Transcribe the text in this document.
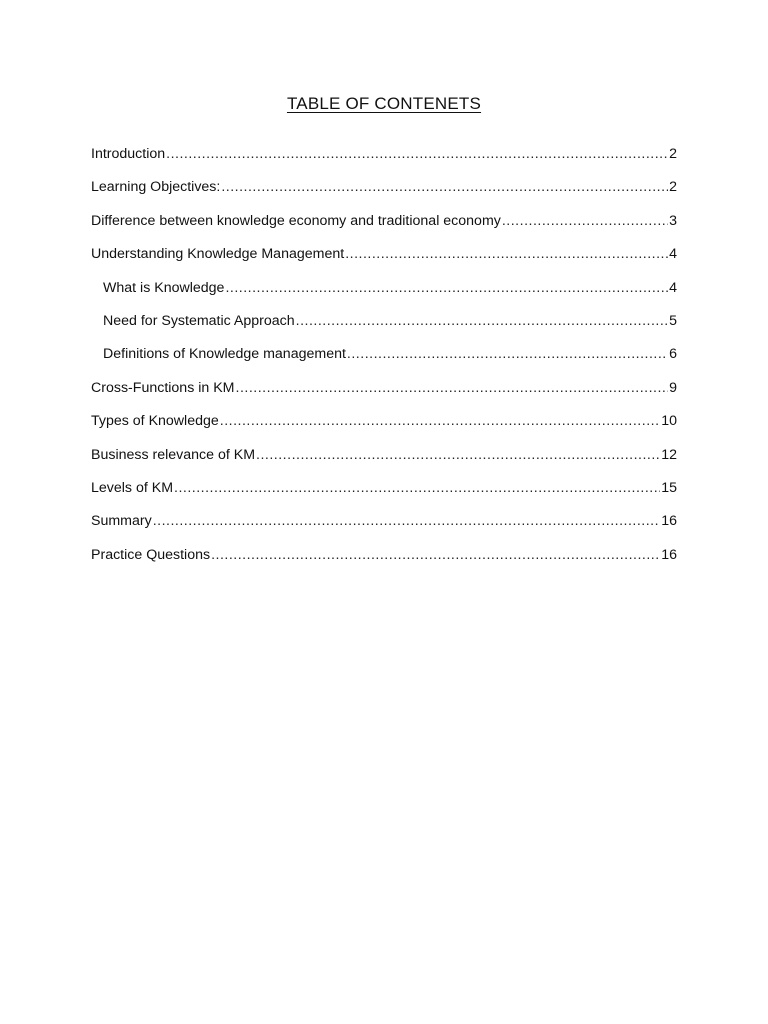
TABLE OF CONTENETS
Introduction .....	2
Learning Objectives: .....	2
Difference between knowledge economy and traditional economy .....	3
Understanding Knowledge Management .....	4
What is Knowledge .....	4
Need for Systematic Approach .....	5
Definitions of Knowledge management .....	6
Cross-Functions in KM .....	9
Types of Knowledge .....	10
Business relevance of KM .....	12
Levels of KM .....	15
Summary .....	16
Practice Questions .....	16
